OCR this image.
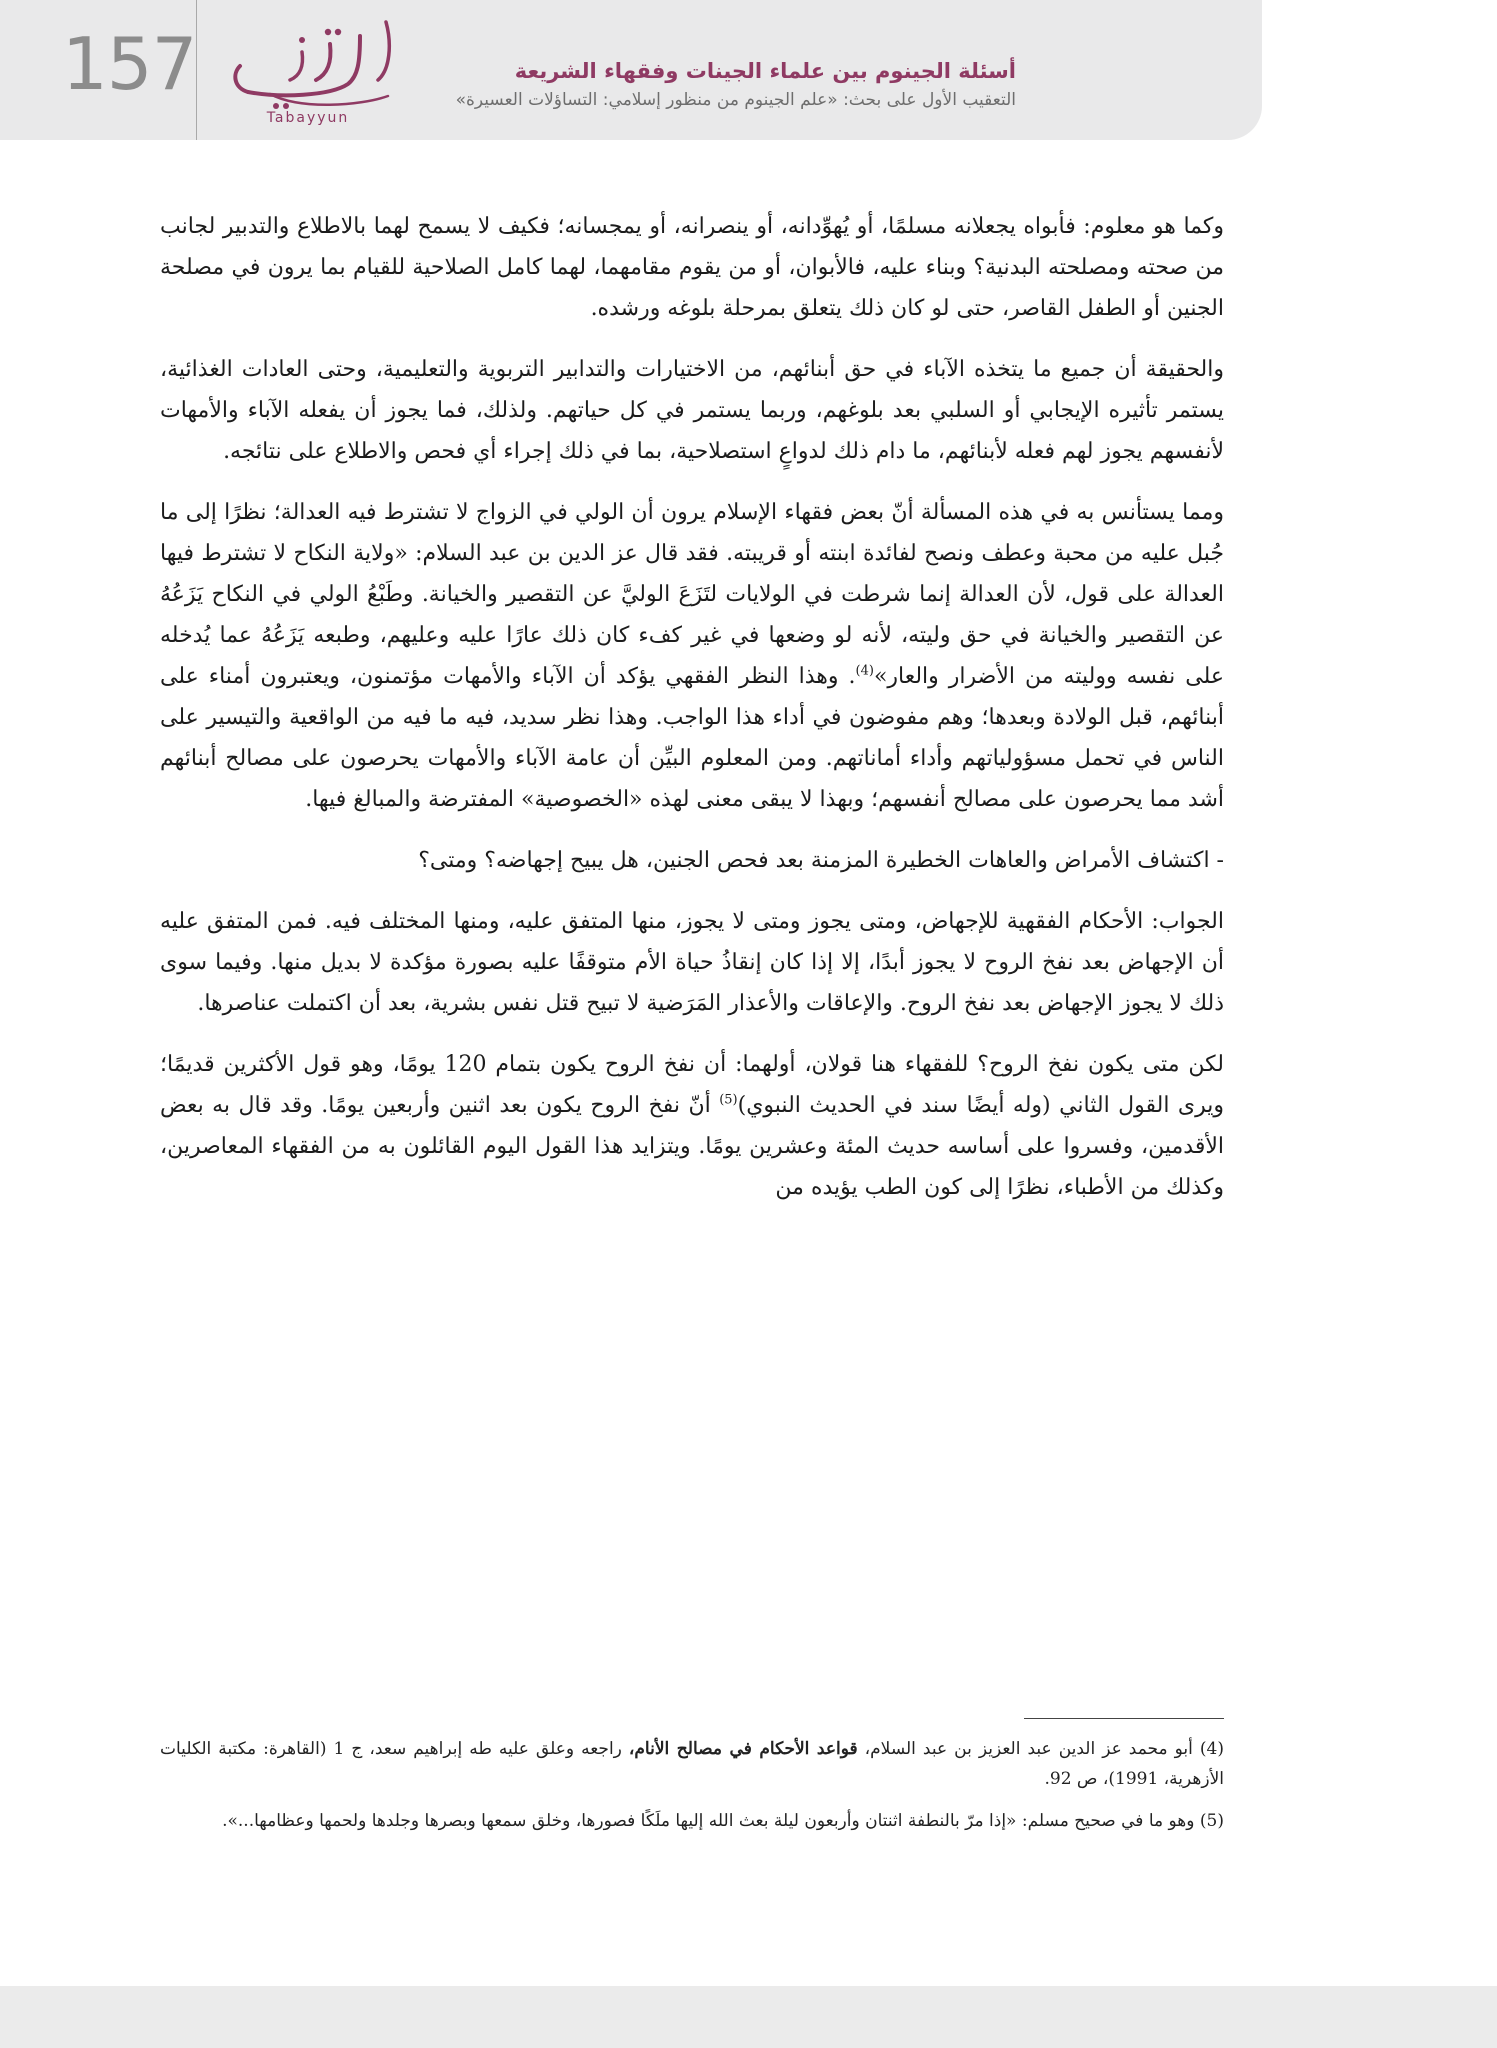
157
Tabayyun
أسئلة الجينوم بين علماء الجينات وفقهاء الشريعة
التعقيب الأول على بحث: «علم الجينوم من منظور إسلامي: التساؤلات العسيرة»

وكما هو معلوم: فأبواه يجعلانه مسلمًا، أو يُهوِّدانه، أو ينصرانه، أو يمجسانه؛ فكيف لا يسمح لهما بالاطلاع والتدبير لجانب من صحته ومصلحته البدنية؟ وبناء عليه، فالأبوان، أو من يقوم مقامهما، لهما كامل الصلاحية للقيام بما يرون في مصلحة الجنين أو الطفل القاصر، حتى لو كان ذلك يتعلق بمرحلة بلوغه ورشده.

والحقيقة أن جميع ما يتخذه الآباء في حق أبنائهم، من الاختيارات والتدابير التربوية والتعليمية، وحتى العادات الغذائية، يستمر تأثيره الإيجابي أو السلبي بعد بلوغهم، وربما يستمر في كل حياتهم. ولذلك، فما يجوز أن يفعله الآباء والأمهات لأنفسهم يجوز لهم فعله لأبنائهم، ما دام ذلك لدواعٍ استصلاحية، بما في ذلك إجراء أي فحص والاطلاع على نتائجه.

ومما يستأنس به في هذه المسألة أنّ بعض فقهاء الإسلام يرون أن الولي في الزواج لا تشترط فيه العدالة؛ نظرًا إلى ما جُبل عليه من محبة وعطف ونصح لفائدة ابنته أو قريبته. فقد قال عز الدين بن عبد السلام: «ولاية النكاح لا تشترط فيها العدالة على قول، لأن العدالة إنما شرطت في الولايات لتَزَعَ الوليَّ عن التقصير والخيانة. وطَبْعُ الولي في النكاح يَزَعُهُ عن التقصير والخيانة في حق وليته، لأنه لو وضعها في غير كفء كان ذلك عارًا عليه وعليهم، وطبعه يَزَعُهُ عما يُدخله على نفسه ووليته من الأضرار والعار»$^{(4)}$. وهذا النظر الفقهي يؤكد أن الآباء والأمهات مؤتمنون، ويعتبرون أمناء على أبنائهم، قبل الولادة وبعدها؛ وهم مفوضون في أداء هذا الواجب. وهذا نظر سديد، فيه ما فيه من الواقعية والتيسير على الناس في تحمل مسؤولياتهم وأداء أماناتهم. ومن المعلوم البيِّن أن عامة الآباء والأمهات يحرصون على مصالح أبنائهم أشد مما يحرصون على مصالح أنفسهم؛ وبهذا لا يبقى معنى لهذه «الخصوصية» المفترضة والمبالغ فيها.

- اكتشاف الأمراض والعاهات الخطيرة المزمنة بعد فحص الجنين، هل يبيح إجهاضه؟ ومتى؟

الجواب: الأحكام الفقهية للإجهاض، ومتى يجوز ومتى لا يجوز، منها المتفق عليه، ومنها المختلف فيه. فمن المتفق عليه أن الإجهاض بعد نفخ الروح لا يجوز أبدًا، إلا إذا كان إنقاذُ حياة الأم متوقفًا عليه بصورة مؤكدة لا بديل منها. وفيما سوى ذلك لا يجوز الإجهاض بعد نفخ الروح. والإعاقات والأعذار المَرَضية لا تبيح قتل نفس بشرية، بعد أن اكتملت عناصرها.

لكن متى يكون نفخ الروح؟ للفقهاء هنا قولان، أولهما: أن نفخ الروح يكون بتمام 120 يومًا، وهو قول الأكثرين قديمًا؛ ويرى القول الثاني (وله أيضًا سند في الحديث النبوي)$^{(5)}$ أنّ نفخ الروح يكون بعد اثنين وأربعين يومًا. وقد قال به بعض الأقدمين، وفسروا على أساسه حديث المئة وعشرين يومًا. ويتزايد هذا القول اليوم القائلون به من الفقهاء المعاصرين، وكذلك من الأطباء، نظرًا إلى كون الطب يؤيده من

(4) أبو محمد عز الدين عبد العزيز بن عبد السلام، قواعد الأحكام في مصالح الأنام، راجعه وعلق عليه طه إبراهيم سعد، ج 1 (القاهرة: مكتبة الكليات الأزهرية، 1991)، ص 92.

(5) وهو ما في صحيح مسلم: «إذا مرّ بالنطفة اثنتان وأربعون ليلة بعث الله إليها ملَكًا فصورها، وخلق سمعها وبصرها وجلدها ولحمها وعظامها...».
